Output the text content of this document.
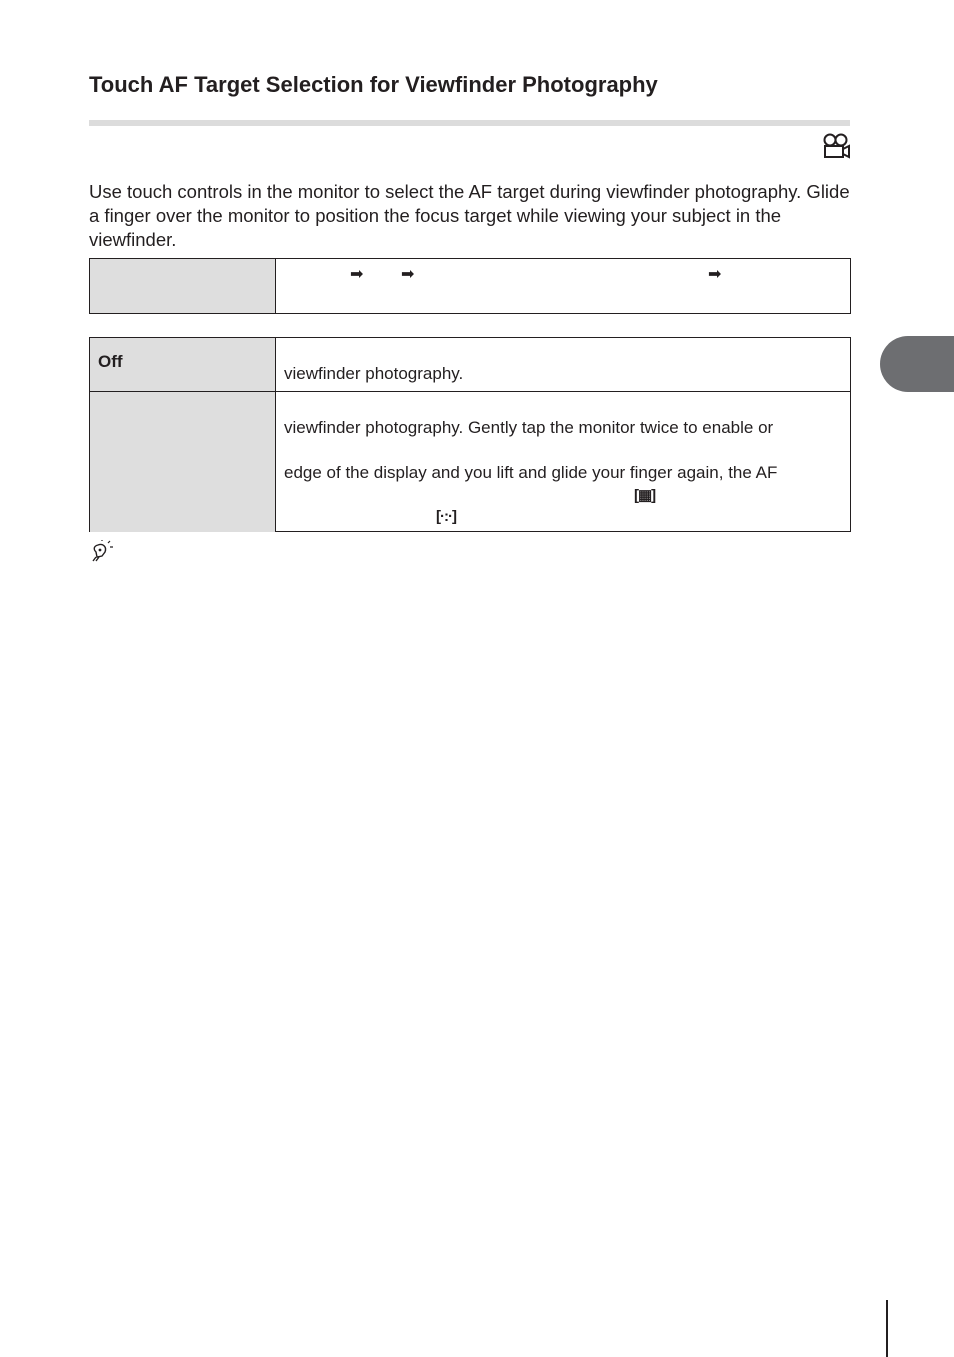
Touch AF Target Selection for Viewfinder Photography

Use touch controls in the monitor to select the AF target during viewfinder photography. Glide a finger over the monitor to position the focus target while viewing your subject in the viewfinder.

➡ ➡	➡
Off
viewfinder photography.
viewfinder photography. Gently tap the monitor twice to enable or
edge of the display and you lift and glide your finger again, the AF
[▦]
[·:·]
